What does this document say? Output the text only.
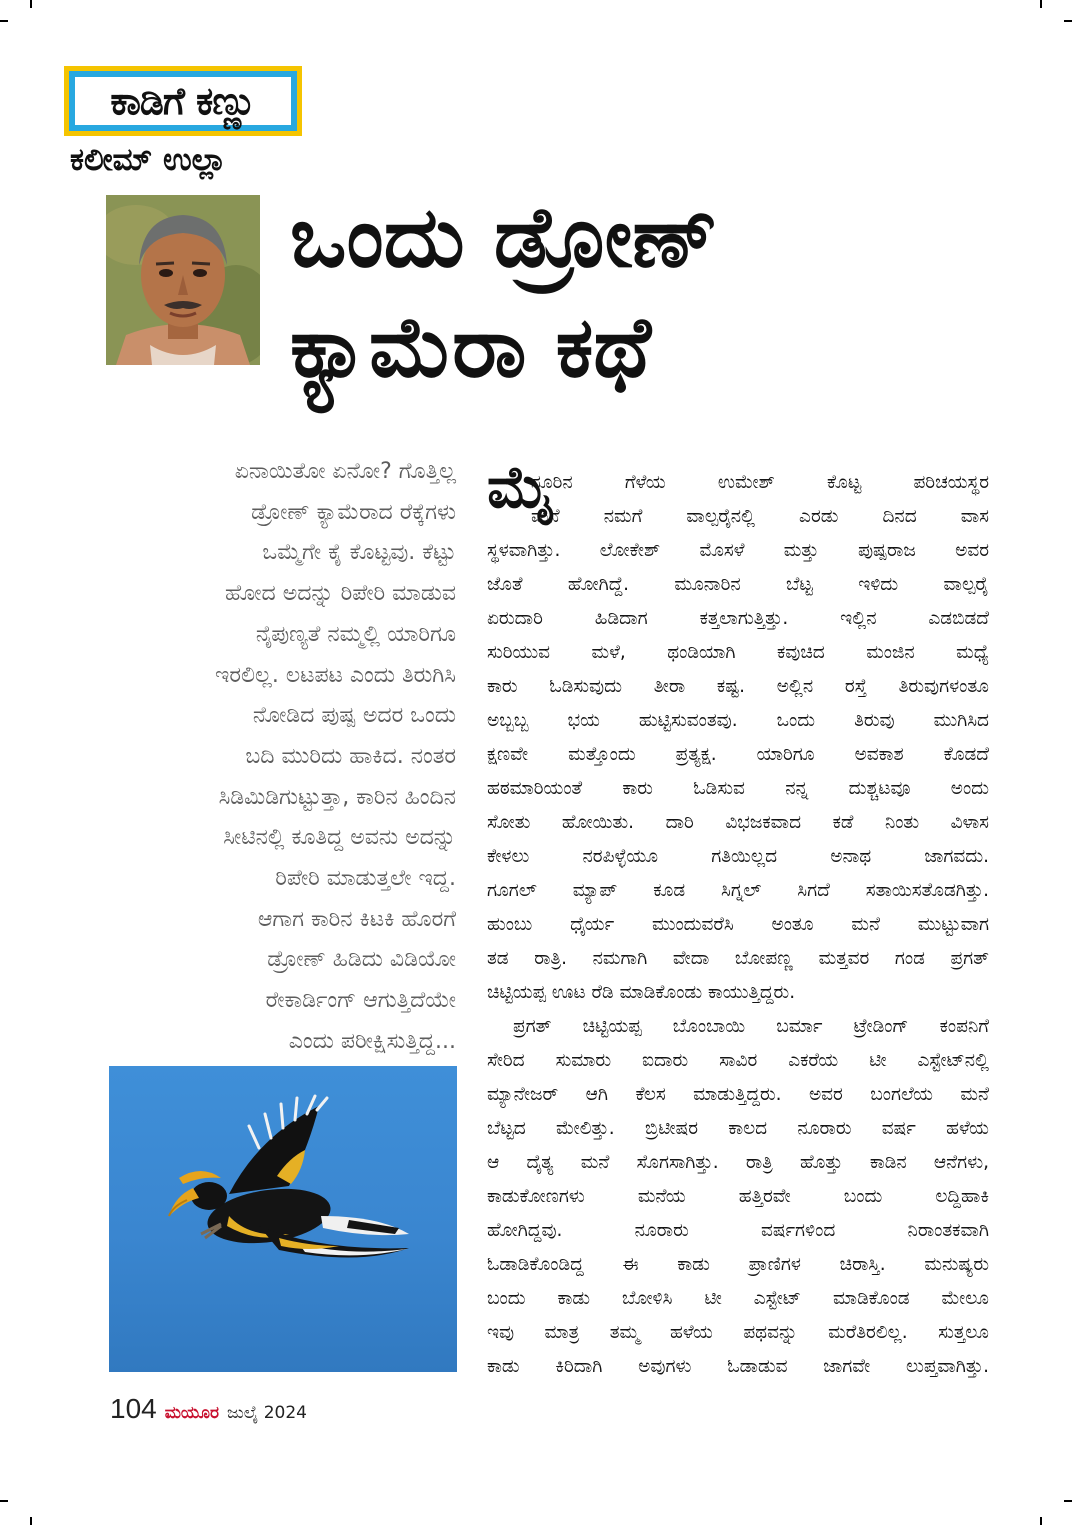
ಕಾಡಿಗೆ ಕಣ್ಣು
ಕಲೀಮ್ ಉಲ್ಲಾ
ಒಂದು ಡ್ರೋಣ್
ಕ್ಯಾಮೆರಾ ಕಥೆ
ಏನಾಯಿತೋ ಏನೋ? ಗೊತ್ತಿಲ್ಲ
ಡ್ರೋಣ್ ಕ್ಯಾಮೆರಾದ ರೆಕ್ಕೆಗಳು
ಒಮ್ಮೆಗೇ ಕೈ ಕೊಟ್ಟವು. ಕೆಟ್ಟು
ಹೋದ ಅದನ್ನು ರಿಪೇರಿ ಮಾಡುವ
ನೈಪುಣ್ಯತೆ ನಮ್ಮಲ್ಲಿ ಯಾರಿಗೂ
ಇರಲಿಲ್ಲ. ಲಟಪಟ ಎಂದು ತಿರುಗಿಸಿ
ನೋಡಿದ ಪುಷ್ಪ ಅದರ ಒಂದು
ಬದಿ ಮುರಿದು ಹಾಕಿದ. ನಂತರ
ಸಿಡಿಮಿಡಿಗುಟ್ಟುತ್ತಾ, ಕಾರಿನ ಹಿಂದಿನ
ಸೀಟಿನಲ್ಲಿ ಕೂತಿದ್ದ ಅವನು ಅದನ್ನು
ರಿಪೇರಿ ಮಾಡುತ್ತಲೇ ಇದ್ದ.
ಆಗಾಗ ಕಾರಿನ ಕಿಟಕಿ ಹೊರಗೆ
ಡ್ರೋಣ್ ಹಿಡಿದು ವಿಡಿಯೋ
ರೇಕಾರ್ಡಿಂಗ್ ಆಗುತ್ತಿದೆಯೇ
ಎಂದು ಪರೀಕ್ಷಿಸುತ್ತಿದ್ದ...
ಮೈ
ಸೂರಿನ ಗೆಳೆಯ ಉಮೇಶ್ ಕೊಟ್ಟ ಪರಿಚಯಸ್ಥರ
ಮನೆ ನಮಗೆ ವಾಲ್ಪರೈನಲ್ಲಿ ಎರಡು ದಿನದ ವಾಸ
ಸ್ಥಳವಾಗಿತ್ತು. ಲೋಕೇಶ್ ಮೊಸಳೆ ಮತ್ತು ಪುಷ್ಪರಾಜ ಅವರ
ಜೊತೆ ಹೋಗಿದ್ದೆ. ಮೂನಾರಿನ ಬೆಟ್ಟ ಇಳಿದು ವಾಲ್ಪರೈ
ಏರುದಾರಿ ಹಿಡಿದಾಗ ಕತ್ತಲಾಗುತ್ತಿತ್ತು. ಇಲ್ಲಿನ ಎಡಬಿಡದೆ
ಸುರಿಯುವ ಮಳೆ, ಥಂಡಿಯಾಗಿ ಕವುಚಿದ ಮಂಜಿನ ಮಧ್ಯೆ
ಕಾರು ಓಡಿಸುವುದು ತೀರಾ ಕಷ್ಟ. ಅಲ್ಲಿನ ರಸ್ತೆ ತಿರುವುಗಳಂತೂ
ಅಬ್ಬಬ್ಬ ಭಯ ಹುಟ್ಟಿಸುವಂತವು. ಒಂದು ತಿರುವು ಮುಗಿಸಿದ
ಕ್ಷಣವೇ ಮತ್ತೊಂದು ಪ್ರತ್ಯಕ್ಷ. ಯಾರಿಗೂ ಅವಕಾಶ ಕೊಡದೆ
ಹಠಮಾರಿಯಂತೆ ಕಾರು ಓಡಿಸುವ ನನ್ನ ದುಶ್ಚಟವೂ ಅಂದು
ಸೋತು ಹೋಯಿತು. ದಾರಿ ವಿಭಜಕವಾದ ಕಡೆ ನಿಂತು ವಿಳಾಸ
ಕೇಳಲು ನರಪಿಳ್ಳೆಯೂ ಗತಿಯಿಲ್ಲದ ಅನಾಥ ಜಾಗವದು.
ಗೂಗಲ್ ಮ್ಯಾಪ್ ಕೂಡ ಸಿಗ್ನಲ್ ಸಿಗದೆ ಸತಾಯಿಸತೊಡಗಿತ್ತು.
ಹುಂಬು ಧೈರ್ಯ ಮುಂದುವರೆಸಿ ಅಂತೂ ಮನೆ ಮುಟ್ಟುವಾಗ
ತಡ ರಾತ್ರಿ. ನಮಗಾಗಿ ವೇದಾ ಬೋಪಣ್ಣ ಮತ್ತವರ ಗಂಡ ಪ್ರಗತ್
ಚಿಟ್ಟಿಯಪ್ಪ ಊಟ ರೆಡಿ ಮಾಡಿಕೊಂಡು ಕಾಯುತ್ತಿದ್ದರು.
ಪ್ರಗತ್ ಚಿಟ್ಟಿಯಪ್ಪ ಬೊಂಬಾಯಿ ಬರ್ಮಾ ಟ್ರೇಡಿಂಗ್ ಕಂಪನಿಗೆ
ಸೇರಿದ ಸುಮಾರು ಐದಾರು ಸಾವಿರ ಎಕರೆಯ ಟೀ ಎಸ್ಟೇಟ್‌ನಲ್ಲಿ
ಮ್ಯಾನೇಜರ್ ಆಗಿ ಕೆಲಸ ಮಾಡುತ್ತಿದ್ದರು. ಅವರ ಬಂಗಲೆಯ ಮನೆ
ಬೆಟ್ಟದ ಮೇಲಿತ್ತು. ಬ್ರಿಟೀಷರ ಕಾಲದ ನೂರಾರು ವರ್ಷ ಹಳೆಯ
ಆ ದೈತ್ಯ ಮನೆ ಸೊಗಸಾಗಿತ್ತು. ರಾತ್ರಿ ಹೊತ್ತು ಕಾಡಿನ ಆನೆಗಳು,
ಕಾಡುಕೋಣಗಳು ಮನೆಯ ಹತ್ತಿರವೇ ಬಂದು ಲದ್ದಿಹಾಕಿ
ಹೋಗಿದ್ದವು. ನೂರಾರು ವರ್ಷಗಳಿಂದ ನಿರಾಂತಕವಾಗಿ
ಓಡಾಡಿಕೊಂಡಿದ್ದ ಈ ಕಾಡು ಪ್ರಾಣಿಗಳ ಚಿರಾಸ್ತಿ. ಮನುಷ್ಯರು
ಬಂದು ಕಾಡು ಬೋಳಿಸಿ ಟೀ ಎಸ್ಟೇಟ್ ಮಾಡಿಕೊಂಡ ಮೇಲೂ
ಇವು ಮಾತ್ರ ತಮ್ಮ ಹಳೆಯ ಪಥವನ್ನು ಮರೆತಿರಲಿಲ್ಲ. ಸುತ್ತಲೂ
ಕಾಡು ಕಿರಿದಾಗಿ ಅವುಗಳು ಓಡಾಡುವ ಜಾಗವೇ ಲುಪ್ತವಾಗಿತ್ತು.
104 ಮಯೂರ ಜುಲೈ 2024
